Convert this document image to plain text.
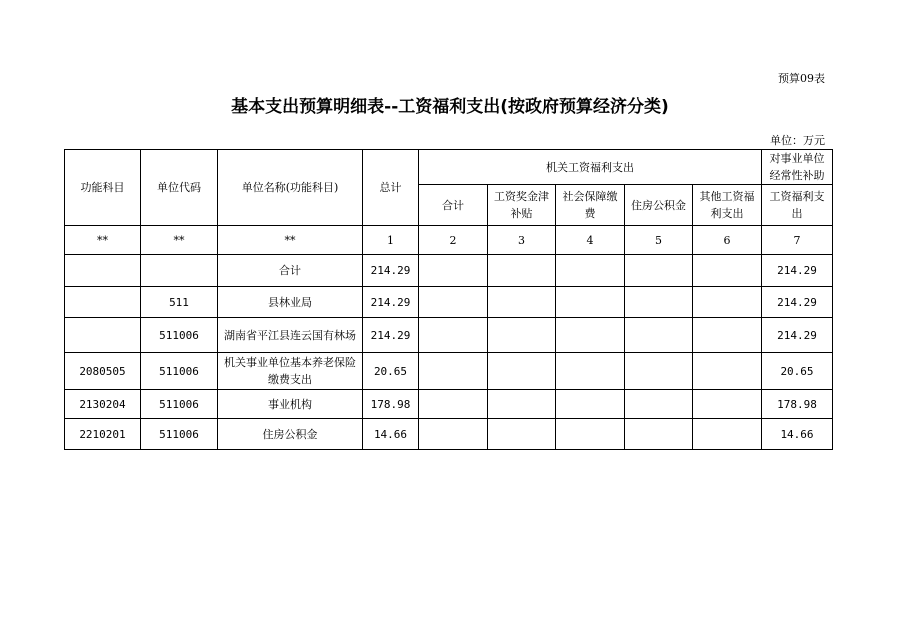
预算09表
基本支出预算明细表--工资福利支出(按政府预算经济分类)
单位：万元
功能科目	单位代码	单位名称(功能科目)	总计	机关工资福利支出					对事业单位经常性补助
				合计	工资奖金津补贴	社会保障缴费	住房公积金	其他工资福利支出	工资福利支出
**	**	**	1	2	3	4	5	6	7
		合计	214.29						214.29
	511	县林业局	214.29						214.29
	511006	湖南省平江县连云国有林场	214.29						214.29
2080505	511006	机关事业单位基本养老保险缴费支出	20.65						20.65
2130204	511006	事业机构	178.98						178.98
2210201	511006	住房公积金	14.66						14.66
